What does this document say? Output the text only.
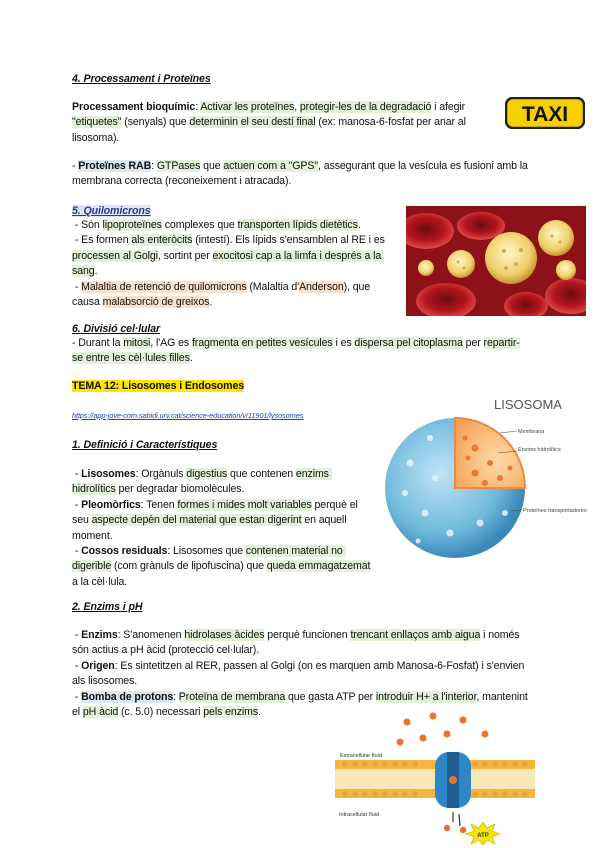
4. Processament i Proteïnes
Processament bioquímic: Activar les proteïnes, protegir-les de la degradació i afegir "etiquetes" (senyals) que determinin el seu destí final (ex: manosa-6-fosfat per anar al lisosoma).
- Proteïnes RAB: GTPases que actuen com a "GPS", assegurant que la vesícula es fusioni amb la membrana correcta (reconeixement i atracada).
TAXI
5. Quilomicrons
- Són lipoproteïnes complexes que transporten lípids dietètics.
- Es formen als enteròcits (intestí). Els lípids s'ensamblen al RE i es processen al Golgi, sortint per exocitosi cap a la limfa i després a la sang.
- Malaltia de retenció de quilomicrons (Malaltia d'Anderson), que causa malabsorció de greixos.
6. Divisió cel·lular
- Durant la mitosi, l'AG es fragmenta en petites vesícules i es dispersa pel citoplasma per repartir-se entre les cèl·lules filles.
TEMA 12: Lisosomes i Endosomes
https://app-jove-com.sabidi.urv.cat/science-education/v/11901/lysosomes
1. Definició i Característiques
- Lisosomes: Orgànuls digestius que contenen enzims hidrolítics per degradar biomolècules.
- Pleomòrfics: Tenen formes i mides molt variables perquè el seu aspecte depèn del material que estan digerint en aquell moment.
- Cossos residuals: Lisosomes que contenen material no digerible (com grànuls de lipofuscina) que queda emmagatzemat a la cèl·lula.
LISOSOMA
Membrana
Enzims hidrolítics
Proteïnes transportadores
2. Enzims i pH
- Enzims: S'anomenen hidrolases àcides perquè funcionen trencant enllaços amb aigua i només són actius a pH àcid (protecció cel·lular).
- Origen: Es sintetitzen al RER, passen al Golgi (on es marquen amb Manosa-6-Fosfat) i s'envien als lisosomes.
- Bomba de protons: Proteïna de membrana que gasta ATP per introduir H+ a l'interior, mantenint el pH àcid (c. 5.0) necessari pels enzims.
Extracellular fluid
Intracellular fluid
ATP
